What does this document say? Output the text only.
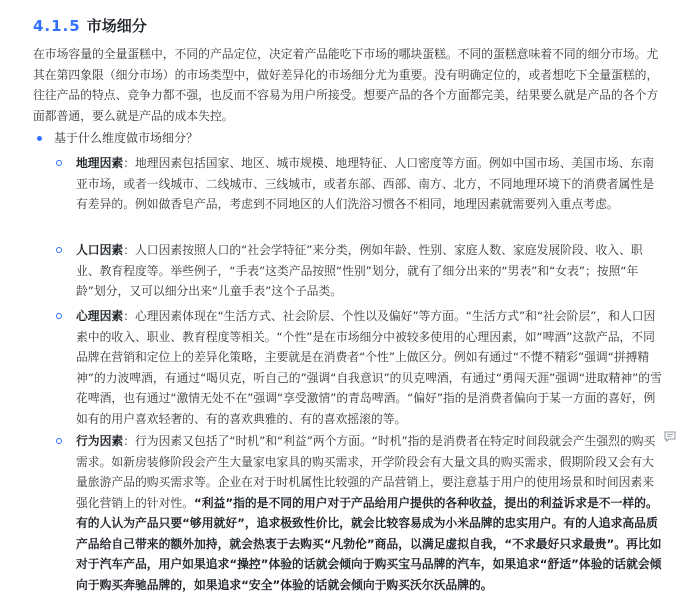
4.1.5 市场细分

在市场容量的全量蛋糕中，不同的产品定位，决定着产品能吃下市场的哪块蛋糕。不同的蛋糕意味着不同的细分市场。尤其在第四象限（细分市场）的市场类型中，做好差异化的市场细分尤为重要。没有明确定位的，或者想吃下全量蛋糕的，往往产品的特点、竞争力都不强，也反而不容易为用户所接受。想要产品的各个方面都完美，结果要么就是产品的各个方面都普通，要么就是产品的成本失控。

基于什么维度做市场细分？

地理因素：地理因素包括国家、地区、城市规模、地理特征、人口密度等方面。例如中国市场、美国市场、东南亚市场，或者一线城市、二线城市、三线城市，或者东部、西部、南方、北方，不同地理环境下的消费者属性是有差异的。例如做香皂产品，考虑到不同地区的人们洗浴习惯各不相同，地理因素就需要列入重点考虑。

人口因素：人口因素按照人口的“社会学特征”来分类，例如年龄、性别、家庭人数、家庭发展阶段、收入、职业、教育程度等。举些例子，“手表”这类产品按照“性别”划分，就有了细分出来的“男表”和“女表”；按照“年龄”划分，又可以细分出来“儿童手表”这个子品类。

心理因素：心理因素体现在“生活方式、社会阶层、个性以及偏好”等方面。“生活方式”和“社会阶层”，和人口因素中的收入、职业、教育程度等相关。“个性”是在市场细分中被较多使用的心理因素，如“啤酒”这款产品，不同品牌在营销和定位上的差异化策略，主要就是在消费者“个性”上做区分。例如有通过“不憷不精彩”强调“拼搏精神”的力波啤酒，有通过“喝贝克，听自己的”强调“自我意识”的贝克啤酒，有通过“勇闯天涯”强调“进取精神”的雪花啤酒，也有通过“激情无处不在”强调“享受激情”的青岛啤酒。“偏好”指的是消费者偏向于某一方面的喜好，例如有的用户喜欢轻奢的、有的喜欢典雅的、有的喜欢摇滚的等。

行为因素：行为因素又包括了“时机”和“利益”两个方面。“时机”指的是消费者在特定时间段就会产生强烈的购买需求。如新房装修阶段会产生大量家电家具的购买需求，开学阶段会有大量文具的购买需求，假期阶段又会有大量旅游产品的购买需求等。企业在对于时机属性比较强的产品营销上，要注意基于用户的使用场景和时间因素来强化营销上的针对性。“利益”指的是不同的用户对于产品给用户提供的各种收益，提出的利益诉求是不一样的。有的人认为产品只要“够用就好”，追求极致性价比，就会比较容易成为小米品牌的忠实用户。有的人追求高品质产品给自己带来的额外加持，就会热衷于去购买“凡勃伦”商品，以满足虚拟自我，“不求最好只求最贵”。再比如对于汽车产品，用户如果追求“操控”体验的话就会倾向于购买宝马品牌的汽车，如果追求“舒适”体验的话就会倾向于购买奔驰品牌的，如果追求“安全”体验的话就会倾向于购买沃尔沃品牌的。
